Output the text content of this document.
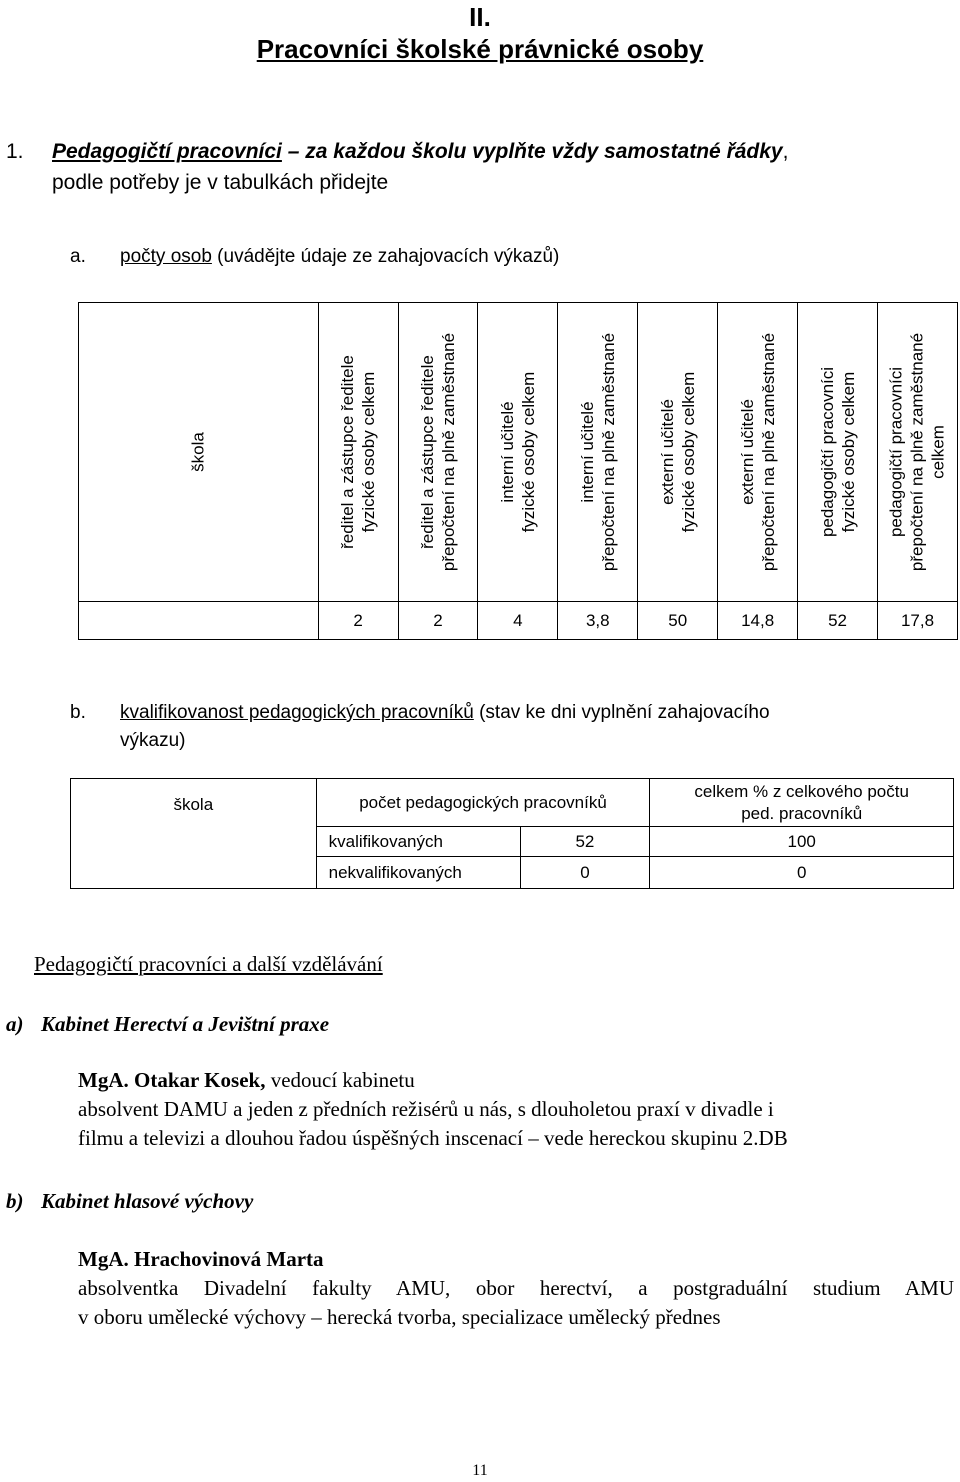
II.
Pracovníci školské právnické osoby
1. Pedagogičtí pracovníci – za každou školu vyplňte vždy samostatné řádky,
podle potřeby je v tabulkách přidejte
a. počty osob (uvádějte údaje ze zahajovacích výkazů)
škola	ředitel a zástupce ředitele fyzické osoby celkem	ředitel a zástupce ředitele přepočtení na plně zaměstnané	interní učitelé fyzické osoby celkem	interní učitelé přepočtení na plně zaměstnané	externí učitelé fyzické osoby celkem	externí učitelé přepočtení na plně zaměstnané	pedagogičtí pracovníci fyzické osoby celkem	pedagogičtí pracovníci přepočtení na plně zaměstnané celkem

	2	2	4	3,8	50	14,8	52	17,8
b. kvalifikovanost pedagogických pracovníků (stav ke dni vyplnění zahajovacího
výkazu)
škola	počet pedagogických pracovníků		celkem % z celkového počtu
ped. pracovníků
	kvalifikovaných	52	100
	nekvalifikovaných	0	0
Pedagogičtí pracovníci a další vzdělávání
a) Kabinet Herectví a Jevištní praxe
MgA. Otakar Kosek, vedoucí kabinetu
absolvent DAMU a jeden z předních režisérů u nás, s dlouholetou praxí v divadle i
filmu a televizi a dlouhou řadou úspěšných inscenací – vede hereckou skupinu 2.DB
b) Kabinet hlasové výchovy
MgA. Hrachovinová Marta
absolventka Divadelní fakulty AMU, obor herectví, a postgraduální studium AMU
v oboru umělecké výchovy – herecká tvorba, specializace umělecký přednes
11
